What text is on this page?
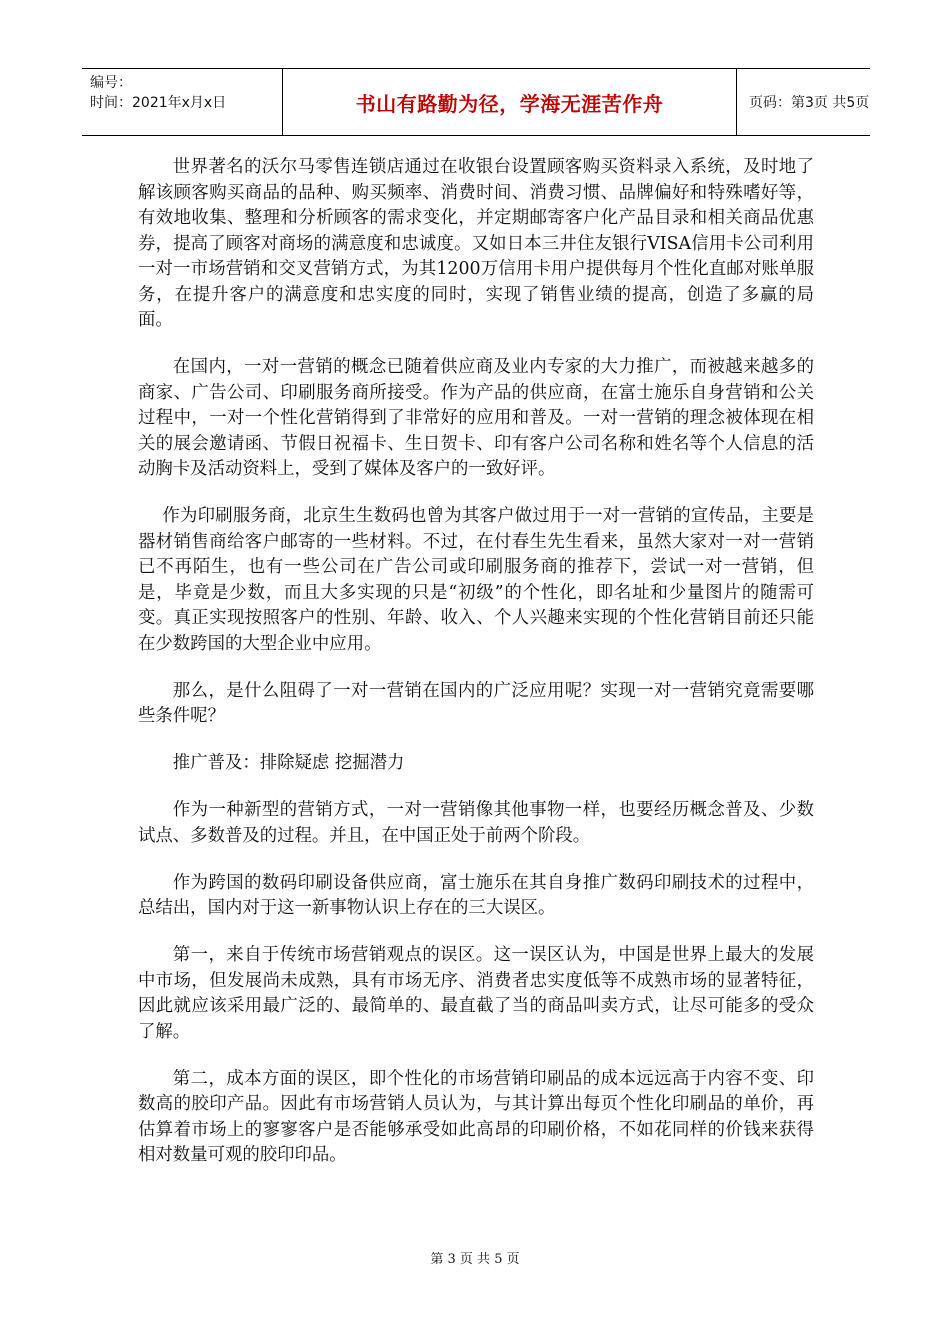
编号：
时间：2021年x月x日	书山有路勤为径，学海无涯苦作舟	页码：第3页 共5页

世界著名的沃尔马零售连锁店通过在收银台设置顾客购买资料录入系统，及时地了解该顾客购买商品的品种、购买频率、消费时间、消费习惯、品牌偏好和特殊嗜好等，有效地收集、整理和分析顾客的需求变化，并定期邮寄客户化产品目录和相关商品优惠券，提高了顾客对商场的满意度和忠诚度。又如日本三井住友银行VISA信用卡公司利用一对一市场营销和交叉营销方式，为其1200万信用卡用户提供每月个性化直邮对账单服务，在提升客户的满意度和忠实度的同时，实现了销售业绩的提高，创造了多赢的局面。

在国内，一对一营销的概念已随着供应商及业内专家的大力推广，而被越来越多的商家、广告公司、印刷服务商所接受。作为产品的供应商，在富士施乐自身营销和公关过程中，一对一个性化营销得到了非常好的应用和普及。一对一营销的理念被体现在相关的展会邀请函、节假日祝福卡、生日贺卡、印有客户公司名称和姓名等个人信息的活动胸卡及活动资料上，受到了媒体及客户的一致好评。

作为印刷服务商，北京生生数码也曾为其客户做过用于一对一营销的宣传品，主要是器材销售商给客户邮寄的一些材料。不过，在付春生先生看来，虽然大家对一对一营销已不再陌生，也有一些公司在广告公司或印刷服务商的推荐下，尝试一对一营销，但是，毕竟是少数，而且大多实现的只是“初级”的个性化，即名址和少量图片的随需可变。真正实现按照客户的性别、年龄、收入、个人兴趣来实现的个性化营销目前还只能在少数跨国的大型企业中应用。

那么，是什么阻碍了一对一营销在国内的广泛应用呢？实现一对一营销究竟需要哪些条件呢？

推广普及：排除疑虑 挖掘潜力

作为一种新型的营销方式，一对一营销像其他事物一样，也要经历概念普及、少数试点、多数普及的过程。并且，在中国正处于前两个阶段。

作为跨国的数码印刷设备供应商，富士施乐在其自身推广数码印刷技术的过程中，总结出，国内对于这一新事物认识上存在的三大误区。

第一，来自于传统市场营销观点的误区。这一误区认为，中国是世界上最大的发展中市场，但发展尚未成熟，具有市场无序、消费者忠实度低等不成熟市场的显著特征，因此就应该采用最广泛的、最简单的、最直截了当的商品叫卖方式，让尽可能多的受众了解。

第二，成本方面的误区，即个性化的市场营销印刷品的成本远远高于内容不变、印数高的胶印产品。因此有市场营销人员认为，与其计算出每页个性化印刷品的单价，再估算着市场上的寥寥客户是否能够承受如此高昂的印刷价格，不如花同样的价钱来获得相对数量可观的胶印印品。

第 3 页 共 5 页
